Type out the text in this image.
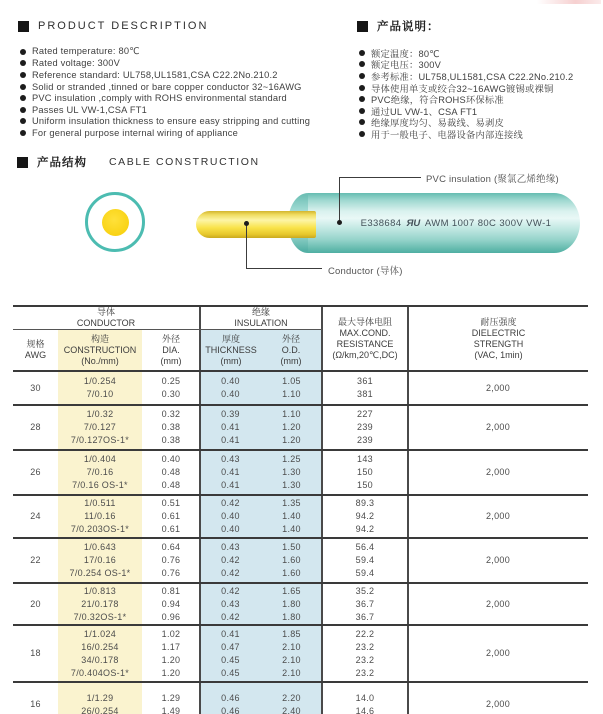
PRODUCT DESCRIPTION
Rated temperature: 80℃
Rated voltage: 300V
Reference standard: UL758,UL1581,CSA C22.2No.210.2
Solid or stranded ,tinned or bare copper conductor 32~16AWG
PVC insulation ,comply with ROHS environmental standard
Passes UL VW-1,CSA FT1
Uniform insulation thickness to ensure easy stripping and cutting
For general purpose internal wiring of appliance
产品说明：
额定温度：80℃
额定电压：300V
参考标准：UL758,UL1581,CSA C22.2No.210.2
导体使用单支或绞合32~16AWG镀锡或裸铜
PVC绝缘，符合ROHS环保标准
通过UL VW-1、CSA FT1
绝缘厚度均匀、易裁线、易剥皮
用于一般电子、电器设备内部连接线
产品结构 CABLE CONSTRUCTION
E338684 ЯU AWM 1007 80C 300V VW-1
PVC insulation (聚氯乙烯绝缘)
Conductor (导体)
导体
CONDUCTOR
绝缘
INSULATION	最大导体电阻
MAX.COND.
RESISTANCE
(Ω/km,20℃,DC)
耐压强度
DIELECTRIC
STRENGTH
(VAC, 1min)
规格
AWG
构造
CONSTRUCTION
(No./mm)
外径
DIA.
(mm)
厚度
THICKNESS
(mm)
外径
O.D.
(mm)
30
1/0.254
7/0.10
0.25
0.30
0.40
0.40
1.05
1.10
361
381
2,000
28
1/0.32
7/0.127
7/0.127OS-1*
0.32
0.38
0.38
0.39
0.41
0.41
1.10
1.20
1.20
227
239
239
2,000
26
1/0.404
7/0.16
7/0.16 OS-1*
0.40
0.48
0.48
0.43
0.41
0.41
1.25
1.30
1.30
143
150
150
2,000
24
1/0.511
11/0.16
7/0.203OS-1*
0.51
0.61
0.61
0.42
0.40
0.40
1.35
1.40
1.40
89.3
94.2
94.2
2,000
22
1/0.643
17/0.16
7/0.254 OS-1*
0.64
0.76
0.76
0.43
0.42
0.42
1.50
1.60
1.60
56.4
59.4
59.4
2,000
20
1/0.813
21/0.178
7/0.32OS-1*
0.81
0.94
0.96
0.42
0.43
0.42
1.65
1.80
1.80
35.2
36.7
36.7
2,000
18
1/1.024
16/0.254
34/0.178
7/0.404OS-1*
1.02
1.17
1.20
1.20
0.41
0.47
0.45
0.45
1.85
2.10
2.10
2.10
22.2
23.2
23.2
23.2
2,000
16
1/1.29
26/0.254
1.29
1.49
0.46
0.46
2.20
2.40
14.0
14.6
2,000
